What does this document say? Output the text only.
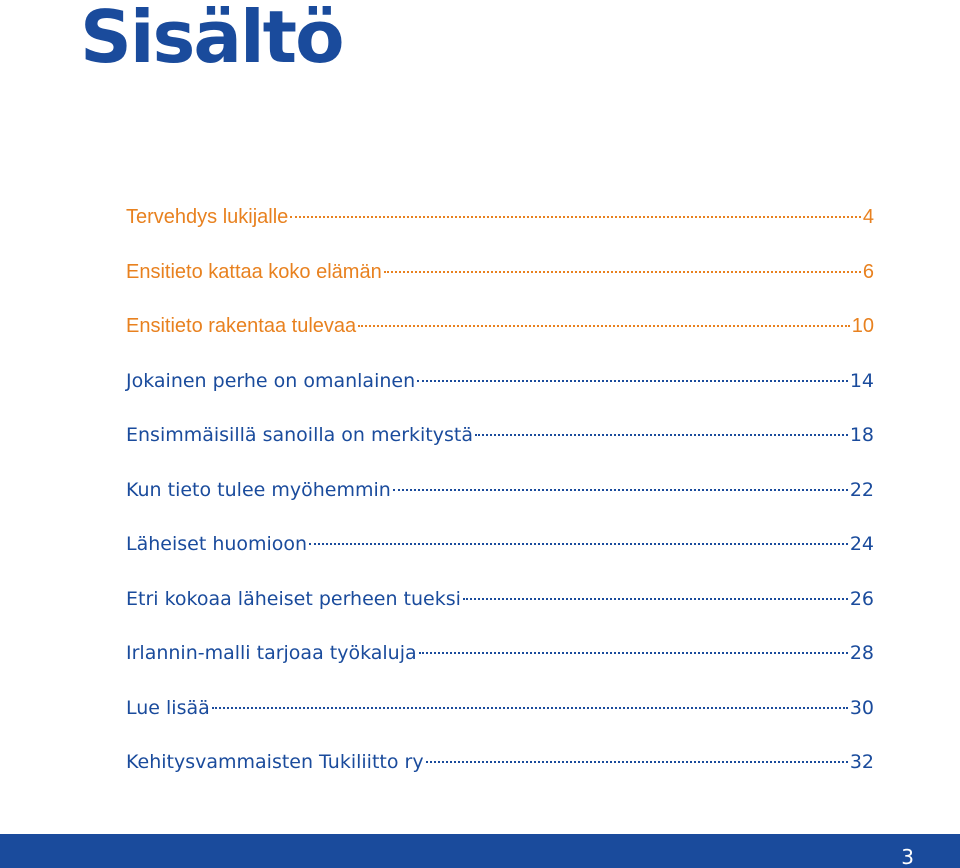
Sisältö
Tervehdys lukijalle	4
Ensitieto kattaa koko elämän	6
Ensitieto rakentaa tulevaa	10
Jokainen perhe on omanlainen	14
Ensimmäisillä sanoilla on merkitystä	18
Kun tieto tulee myöhemmin	22
Läheiset huomioon	24
Etri kokoaa läheiset perheen tueksi	26
Irlannin-malli tarjoaa työkaluja	28
Lue lisää	30
Kehitysvammaisten Tukiliitto ry	32
3
